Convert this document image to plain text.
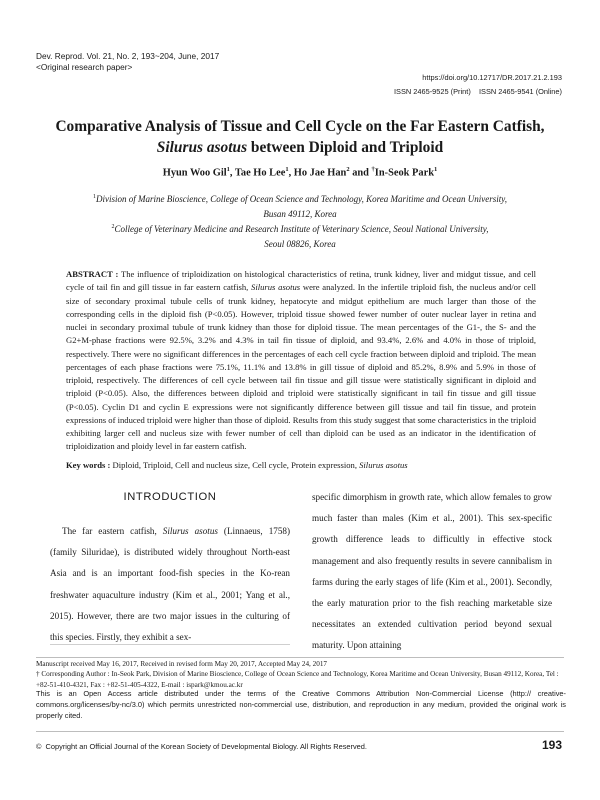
Dev. Reprod. Vol. 21, No. 2, 193~204, June, 2017
<Original research paper>
https://doi.org/10.12717/DR.2017.21.2.193
ISSN 2465-9525 (Print)    ISSN 2465-9541 (Online)
Comparative Analysis of Tissue and Cell Cycle on the Far Eastern Catfish,
Silurus asotus between Diploid and Triploid
Hyun Woo Gil$^1$, Tae Ho Lee$^1$, Ho Jae Han$^2$ and †In-Seok Park$^1$
$^1$Division of Marine Bioscience, College of Ocean Science and Technology, Korea Maritime and Ocean University,
Busan 49112, Korea
$^2$College of Veterinary Medicine and Research Institute of Veterinary Science, Seoul National University,
Seoul 08826, Korea
ABSTRACT : The influence of triploidization on histological characteristics of retina, trunk kidney, liver and midgut tissue, and cell cycle of tail fin and gill tissue in far eastern catfish, Silurus asotus were analyzed. In the infertile triploid fish, the nucleus and/or cell size of secondary proximal tubule cells of trunk kidney, hepatocyte and midgut epithelium are much larger than those of the corresponding cells in the diploid fish (P<0.05). However, triploid tissue showed fewer number of outer nuclear layer in retina and nuclei in secondary proximal tubule of trunk kidney than those for diploid tissue. The mean percentages of the G1-, the S- and the G2+M-phase fractions were 92.5%, 3.2% and 4.3% in tail fin tissue of diploid, and 93.4%, 2.6% and 4.0% in those of triploid, respectively. There were no significant differences in the percentages of each cell cycle fraction between diploid and triploid. The mean percentages of each phase fractions were 75.1%, 11.1% and 13.8% in gill tissue of diploid and 85.2%, 8.9% and 5.9% in those of triploid, respectively. The differences of cell cycle between tail fin tissue and gill tissue were statistically significant in diploid and triploid (P<0.05). Also, the differences between diploid and triploid were statistically significant in tail fin tissue and gill tissue (P<0.05). Cyclin D1 and cyclin E expressions were not significantly difference between gill tissue and tail fin tissue, and protein expressions of induced triploid were higher than those of diploid. Results from this study suggest that some characteristics in the triploid exhibiting larger cell and nucleus size with fewer number of cell than diploid can be used as an indicator in the identification of triploidization and ploidy level in far eastern catfish.
Key words : Diploid, Triploid, Cell and nucleus size, Cell cycle, Protein expression, Silurus asotus
INTRODUCTION
The far eastern catfish, Silurus asotus (Linnaeus, 1758) (family Siluridae), is distributed widely throughout North-east Asia and is an important food-fish species in the Ko-rean freshwater aquaculture industry (Kim et al., 2001; Yang et al., 2015). However, there are two major issues in the culturing of this species. Firstly, they exhibit a sex-
specific dimorphism in growth rate, which allow females to grow much faster than males (Kim et al., 2001). This sex-specific growth difference leads to difficultly in effective stock management and also frequently results in severe cannibalism in farms during the early stages of life (Kim et al., 2001). Secondly, the early maturation prior to the fish reaching marketable size necessitates an extended cultivation period beyond sexual maturity. Upon attaining
Manuscript received May 16, 2017, Received in revised form May 20, 2017, Accepted May 24, 2017
† Corresponding Author : In-Seok Park, Division of Marine Bioscience, College of Ocean Science and Technology, Korea Maritime and Ocean University, Busan 49112, Korea, Tel : +82-51-410-4321, Fax : +82-51-405-4322, E-mail : ispark@kmou.ac.kr
This is an Open Access article distributed under the terms of the Creative Commons Attribution Non-Commercial License (http:// creative-commons.org/licenses/by-nc/3.0) which permits unrestricted non-commercial use, distribution, and reproduction in any medium, provided the original work is properly cited.
©  Copyright an Official Journal of the Korean Society of Developmental Biology. All Rights Reserved.	193
